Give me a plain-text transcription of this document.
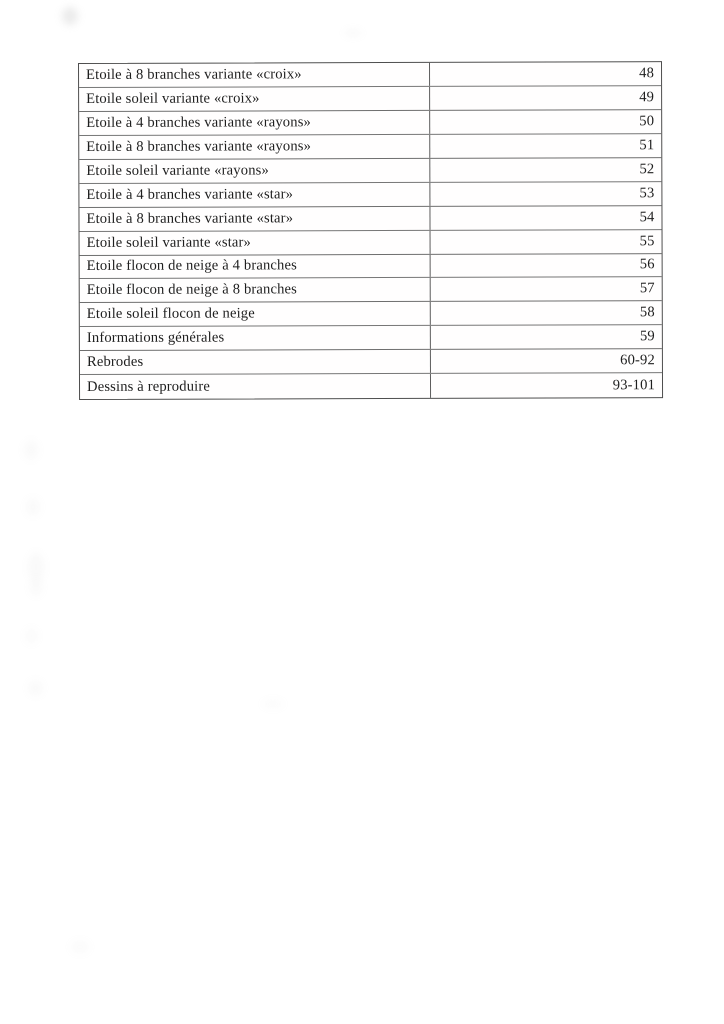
Etoile à 8 branches variante «croix»	48
Etoile soleil variante «croix»	49
Etoile à 4 branches variante «rayons»	50
Etoile à 8 branches variante «rayons»	51
Etoile soleil variante «rayons»	52
Etoile à 4 branches variante «star»	53
Etoile à 8 branches variante «star»	54
Etoile soleil variante «star»	55
Etoile flocon de neige à 4 branches	56
Etoile flocon de neige à 8 branches	57
Etoile soleil flocon de neige	58
Informations générales	59
Rebrodes	60-92
Dessins à reproduire	93-101
